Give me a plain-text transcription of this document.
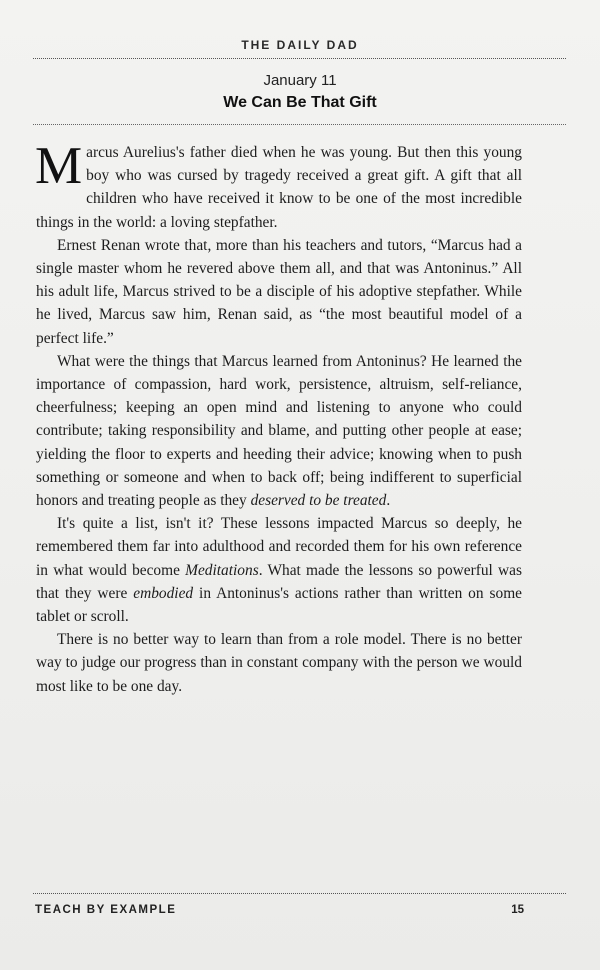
THE DAILY DAD
January 11
We Can Be That Gift

Marcus Aurelius's father died when he was young. But then this young boy who was cursed by tragedy received a great gift. A gift that all children who have received it know to be one of the most incredible things in the world: a loving stepfather.

Ernest Renan wrote that, more than his teachers and tutors, “Marcus had a single master whom he revered above them all, and that was Antoninus.” All his adult life, Marcus strived to be a disciple of his adoptive stepfather. While he lived, Marcus saw him, Renan said, as “the most beautiful model of a perfect life.”

What were the things that Marcus learned from Antoninus? He learned the importance of compassion, hard work, persistence, altruism, self-reliance, cheerfulness; keeping an open mind and listening to anyone who could contribute; taking responsibility and blame, and putting other people at ease; yielding the floor to experts and heeding their advice; knowing when to push something or someone and when to back off; being indifferent to superficial honors and treating people as they deserved to be treated.

It's quite a list, isn't it? These lessons impacted Marcus so deeply, he remembered them far into adulthood and recorded them for his own reference in what would become Meditations. What made the lessons so powerful was that they were embodied in Antoninus's actions rather than written on some tablet or scroll.

There is no better way to learn than from a role model. There is no better way to judge our progress than in constant company with the person we would most like to be one day.

TEACH BY EXAMPLE	15
